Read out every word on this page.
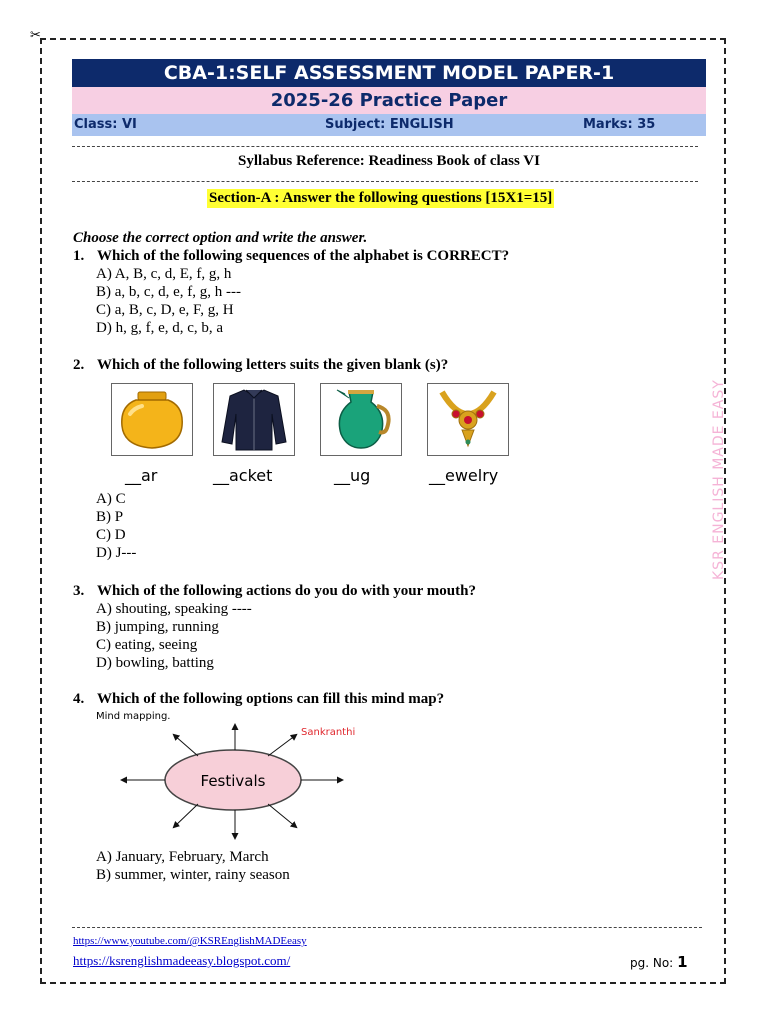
✂
CBA-1:SELF ASSESSMENT MODEL PAPER-1
2025-26 Practice Paper
Class: VI	Subject: ENGLISH	Marks: 35
Syllabus Reference: Readiness Book of class VI
Section-A : Answer the following questions [15X1=15]
Choose the correct option and write the answer.
1. Which of the following sequences of the alphabet is CORRECT?
A) A, B, c, d, E, f, g, h
B) a, b, c, d, e, f, g, h ---
C) a, B, c, D, e, F, g, H
D) h, g, f, e, d, c, b, a
2. Which of the following letters suits the given blank (s)?
__ar	__acket	__ug	__ewelry
A) C
B) P
C) D
D) J---
3. Which of the following actions do you do with your mouth?
A) shouting, speaking ----
B) jumping, running
C) eating, seeing
D) bowling, batting
4. Which of the following options can fill this mind map?
Mind mapping.
Festivals
Sankranthi
A) January, February, March
B) summer, winter, rainy season
https://www.youtube.com/@KSREnglishMADEeasy
https://ksrenglishmadeeasy.blogspot.com/	pg. No: 1
KSR ENGLISH MADE EASY
